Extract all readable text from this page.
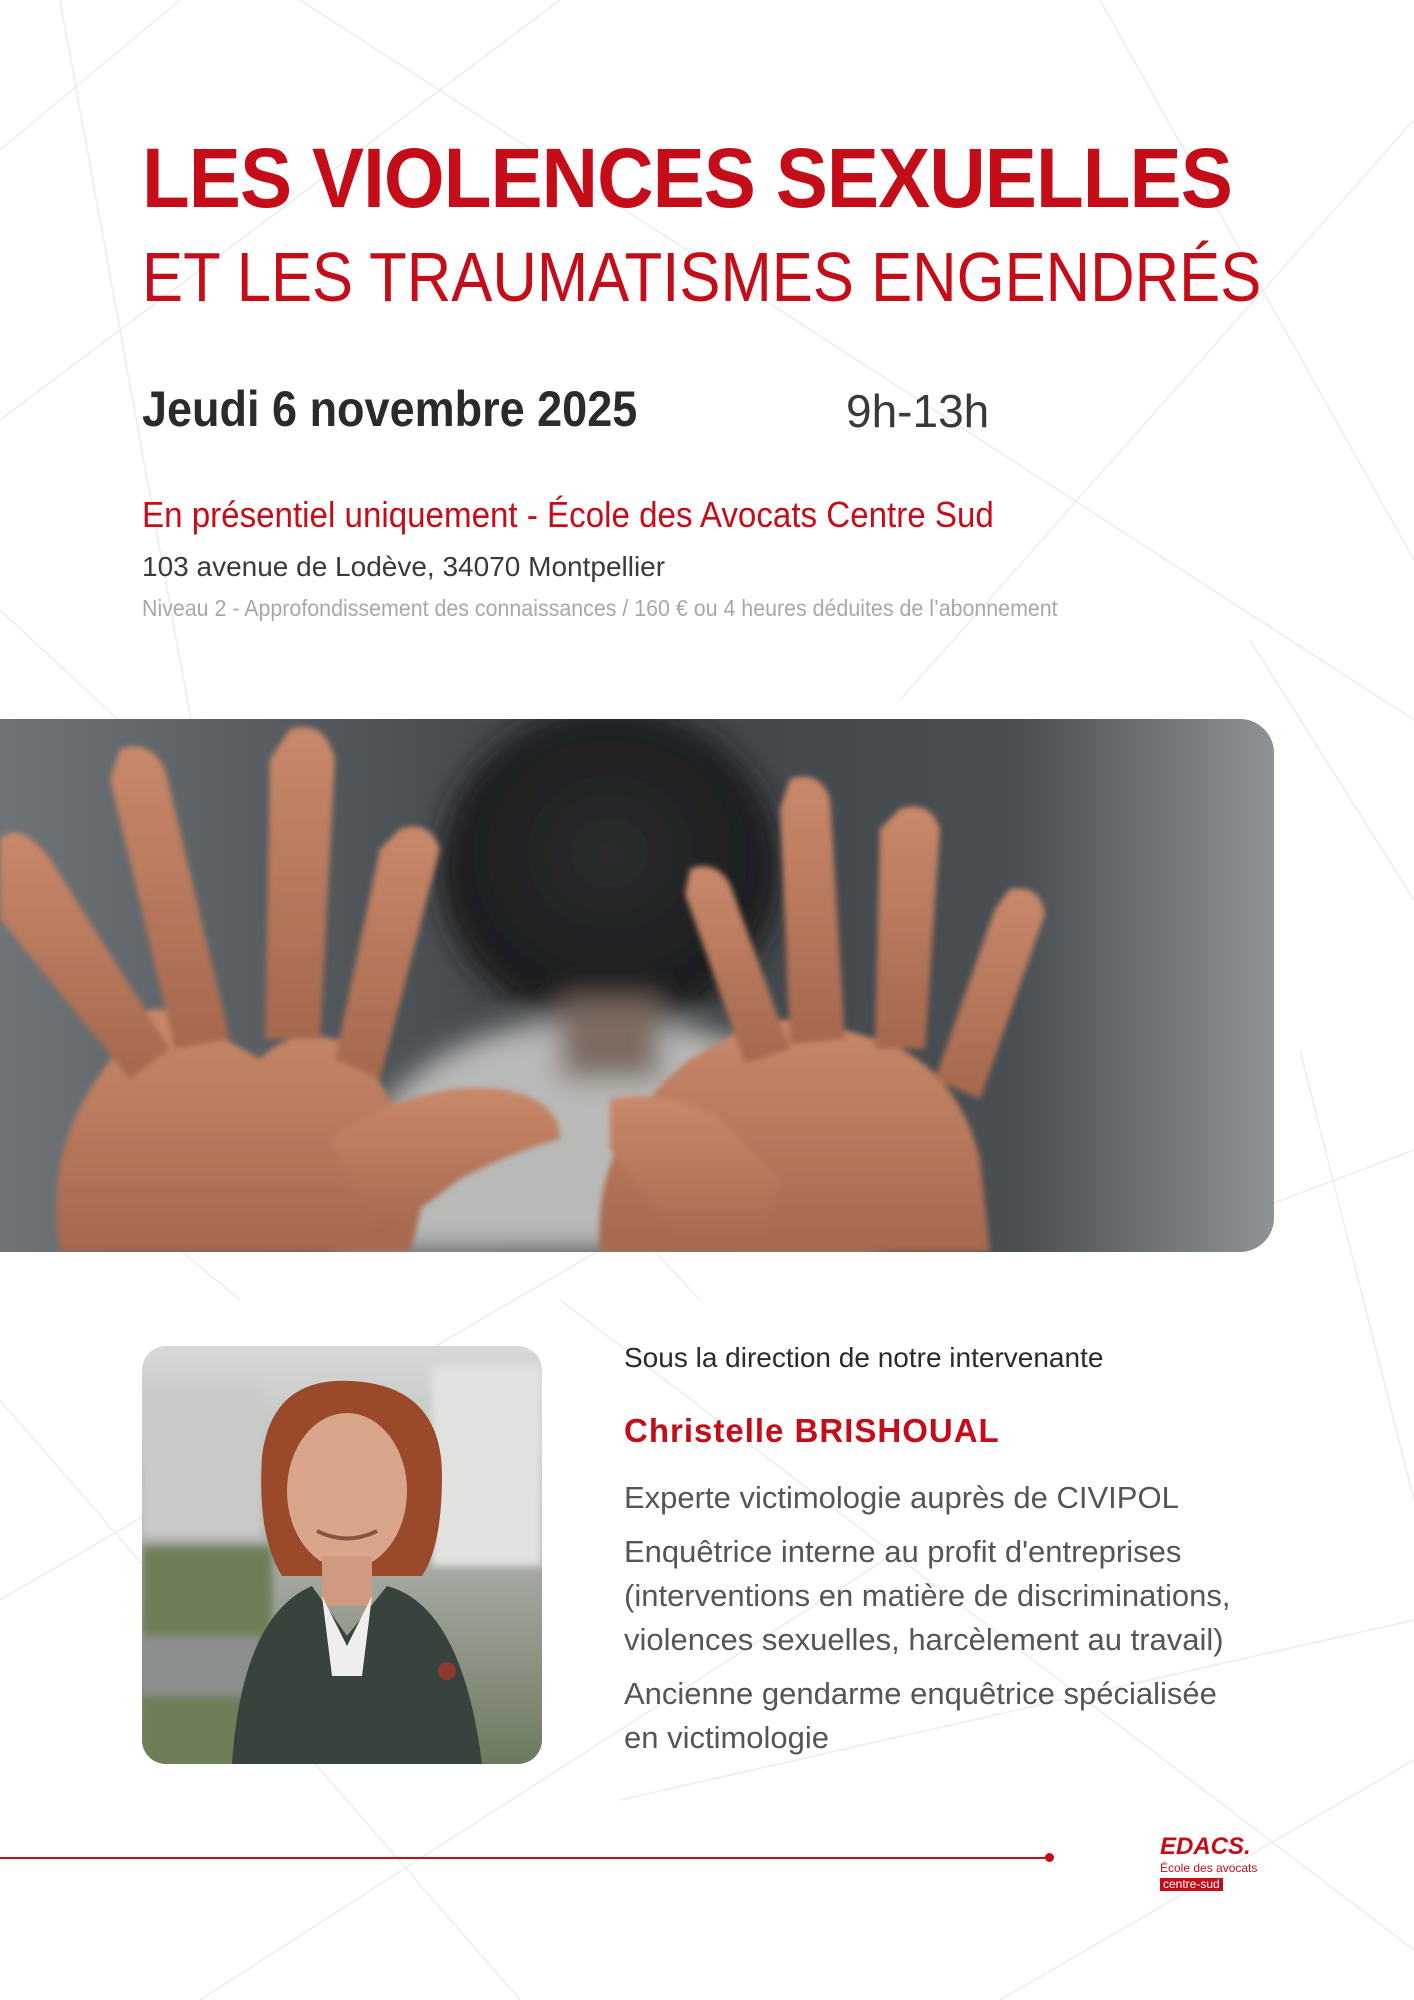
LES VIOLENCES SEXUELLES
ET LES TRAUMATISMES ENGENDRÉS
Jeudi 6 novembre 2025	9h-13h
En présentiel uniquement - École des Avocats Centre Sud
103 avenue de Lodève, 34070 Montpellier
Niveau 2 - Approfondissement des connaissances / 160 € ou 4 heures déduites de l’abonnement
Sous la direction de notre intervenante
Christelle BRISHOUAL
Experte victimologie auprès de CIVIPOL
Enquêtrice interne au profit d'entreprises
(interventions en matière de discriminations,
violences sexuelles, harcèlement au travail)
Ancienne gendarme enquêtrice spécialisée
en victimologie
EDACS.
École des avocats
centre-sud
